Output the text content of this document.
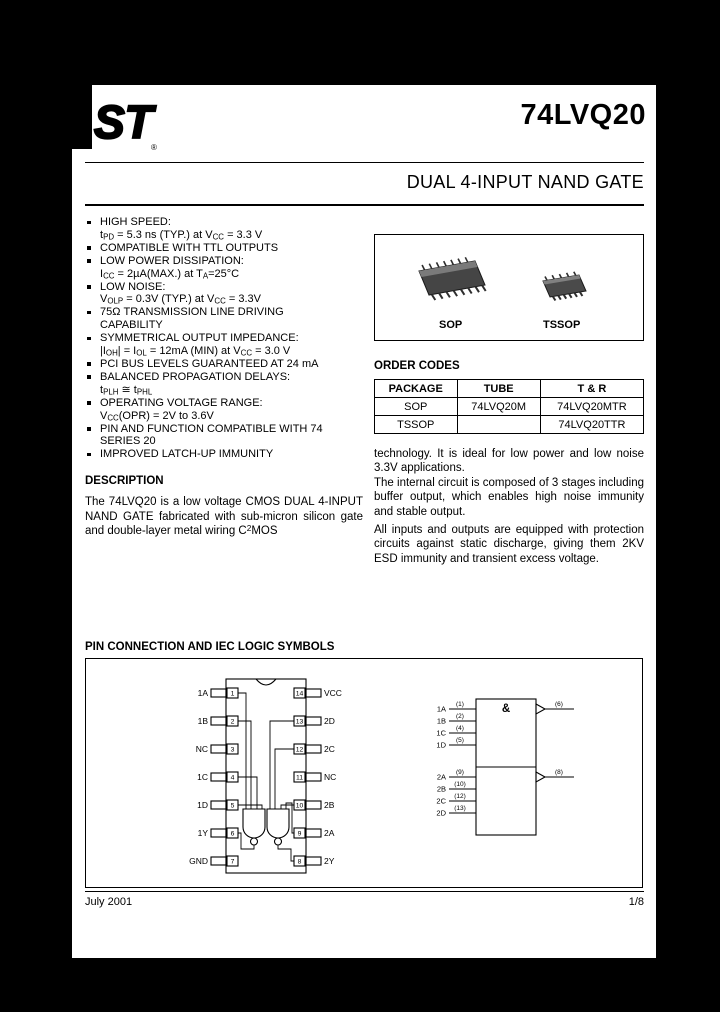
ST
®
74LVQ20
DUAL 4-INPUT NAND GATE
HIGH SPEED:
$t_{PD} = 5.3$ ns (TYP.) at $V_{CC} = 3.3$ V
COMPATIBLE WITH TTL OUTPUTS
LOW POWER DISSIPATION:
$I_{CC} = 2\mu A(MAX.)$ at $T_A=25^\circ C$
LOW NOISE:
$V_{OLP} = 0.3V$ (TYP.) at $V_{CC} = 3.3V$
75Ω TRANSMISSION LINE DRIVING CAPABILITY
SYMMETRICAL OUTPUT IMPEDANCE:
$|I_{OH}| = I_{OL} = 12mA$ (MIN) at $V_{CC} = 3.0$ V
PCI BUS LEVELS GUARANTEED AT 24 mA
BALANCED PROPAGATION DELAYS:
$t_{PLH}$ ≅ $t_{PHL}$
OPERATING VOLTAGE RANGE:
$V_{CC}(OPR) = 2V$ to 3.6V
PIN AND FUNCTION COMPATIBLE WITH 74 SERIES 20
IMPROVED LATCH-UP IMMUNITY
DESCRIPTION
The 74LVQ20 is a low voltage CMOS DUAL 4-INPUT NAND GATE fabricated with sub-micron silicon gate and double-layer metal wiring $C^2MOS$
SOP	TSSOP
ORDER CODES
PACKAGE	TUBE	T & R
SOP	74LVQ20M	74LVQ20MTR
TSSOP		74LVQ20TTR

technology. It is ideal for low power and low noise 3.3V applications.

The internal circuit is composed of 3 stages including buffer output, which enables high noise immunity and stable output.

All inputs and outputs are equipped with protection circuits against static discharge, giving them 2KV ESD immunity and transient excess voltage.

PIN CONNECTION AND IEC LOGIC SYMBOLS
1
1A
2
1B
3
NC
4
1C
5
1D
6
1Y
7
GND
14 VCC
13 2D
12 2C
11 NC
10 2B
9	2A
8	2Y
&
1A (1)
1B (2)
1C (4)
1D (5)
(6)
2A (9)
2B (10)
2C (12)
2D (13)
(8)
July 2001	1/8
